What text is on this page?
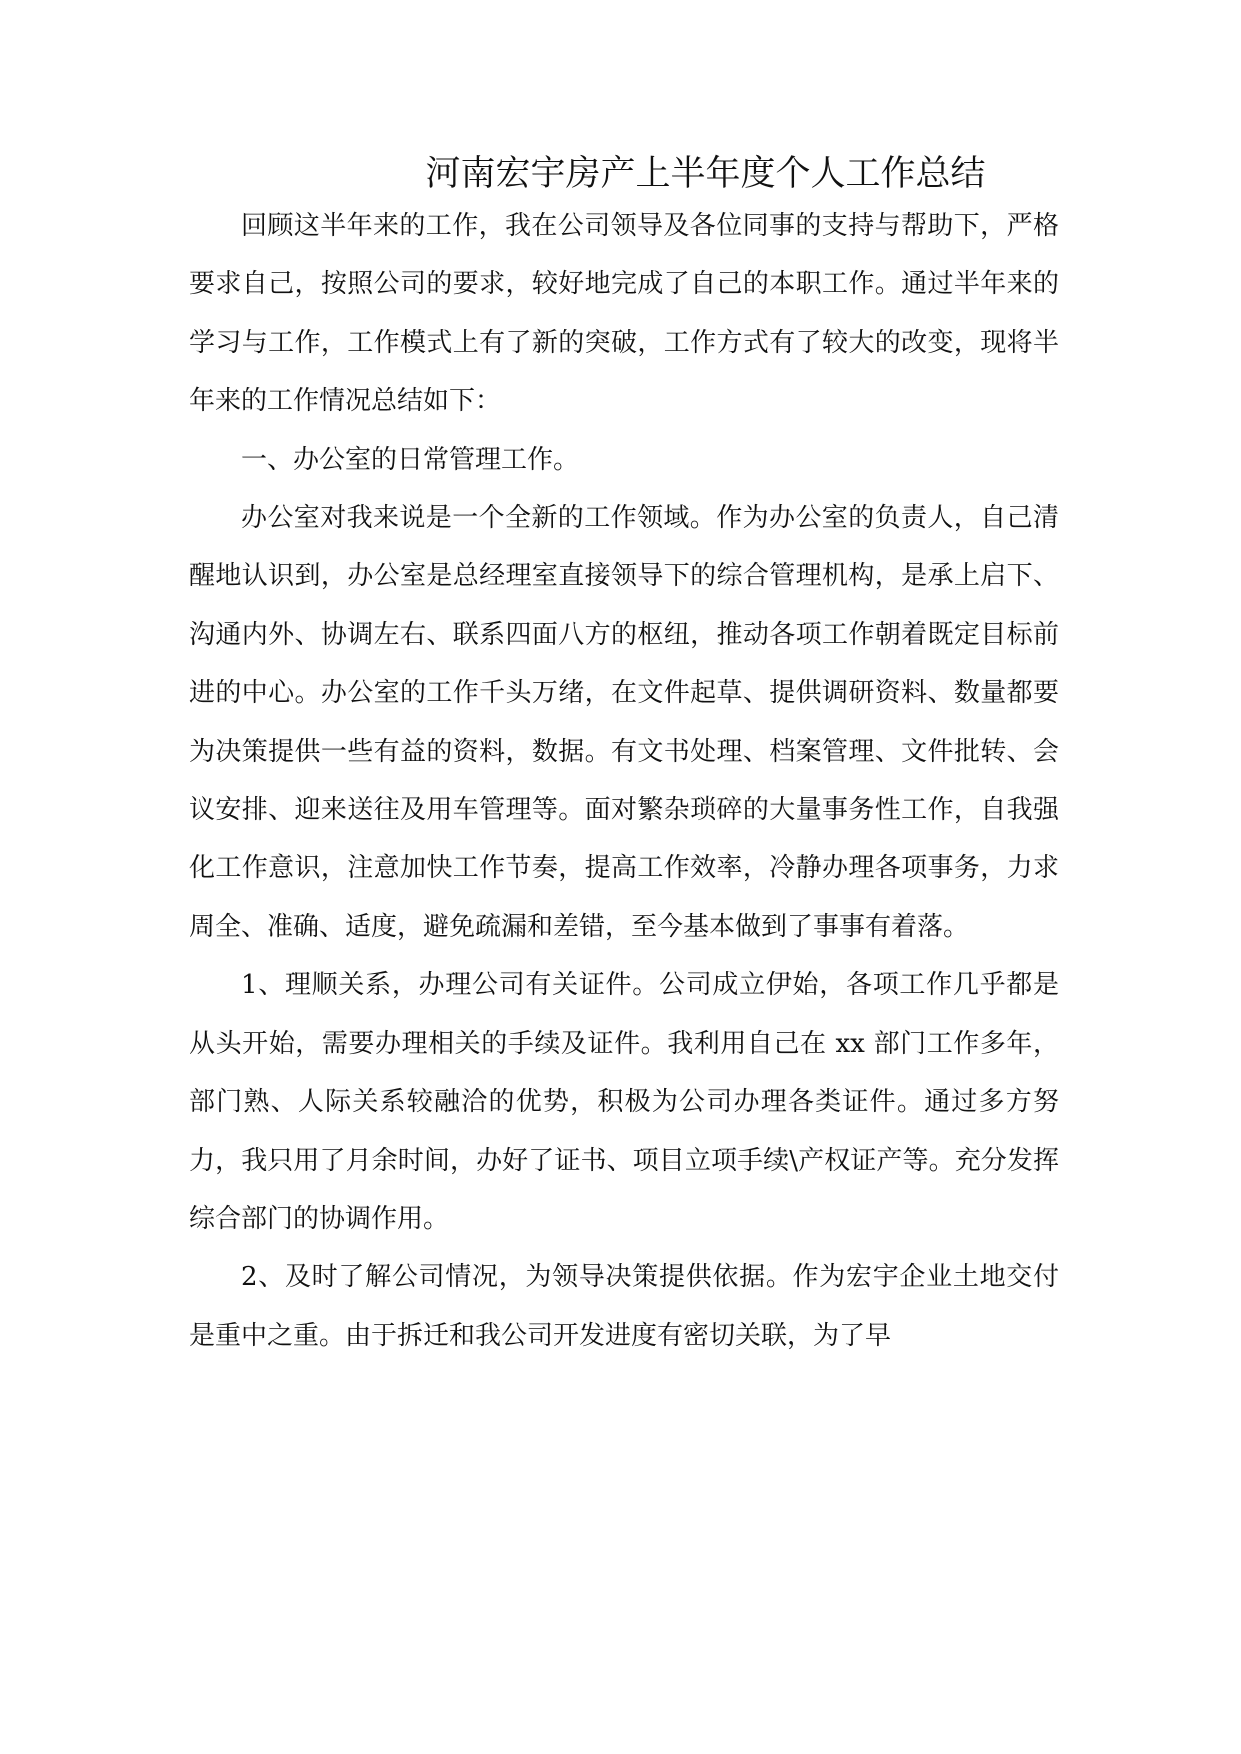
河南宏宇房产上半年度个人工作总结

回顾这半年来的工作，我在公司领导及各位同事的支持与帮助下，严格要求自己，按照公司的要求，较好地完成了自己的本职工作。通过半年来的学习与工作，工作模式上有了新的突破，工作方式有了较大的改变，现将半年来的工作情况总结如下：

一、办公室的日常管理工作。

办公室对我来说是一个全新的工作领域。作为办公室的负责人，自己清醒地认识到，办公室是总经理室直接领导下的综合管理机构，是承上启下、沟通内外、协调左右、联系四面八方的枢纽，推动各项工作朝着既定目标前进的中心。办公室的工作千头万绪，在文件起草、提供调研资料、数量都要为决策提供一些有益的资料，数据。有文书处理、档案管理、文件批转、会议安排、迎来送往及用车管理等。面对繁杂琐碎的大量事务性工作，自我强化工作意识，注意加快工作节奏，提高工作效率，冷静办理各项事务，力求周全、准确、适度，避免疏漏和差错，至今基本做到了事事有着落。

1、理顺关系，办理公司有关证件。公司成立伊始，各项工作几乎都是从头开始，需要办理相关的手续及证件。我利用自己在 xx 部门工作多年，部门熟、人际关系较融洽的优势，积极为公司办理各类证件。通过多方努力，我只用了月余时间，办好了证书、项目立项手续\产权证产等。充分发挥综合部门的协调作用。

2、及时了解公司情况，为领导决策提供依据。作为宏宇企业土地交付是重中之重。由于拆迁和我公司开发进度有密切关联，为了早
